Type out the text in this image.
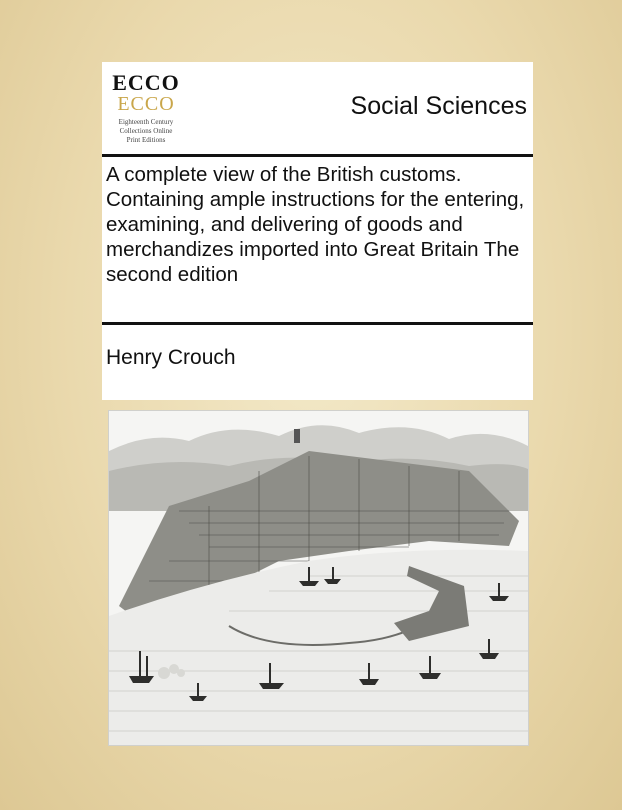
ECCO
ECCO
Eighteenth Century
Collections Online
Print Editions
Social Sciences
A complete view of the British customs. Containing ample instructions for the entering, examining, and delivering of goods and merchandizes imported into Great Britain The second edition
Henry Crouch
